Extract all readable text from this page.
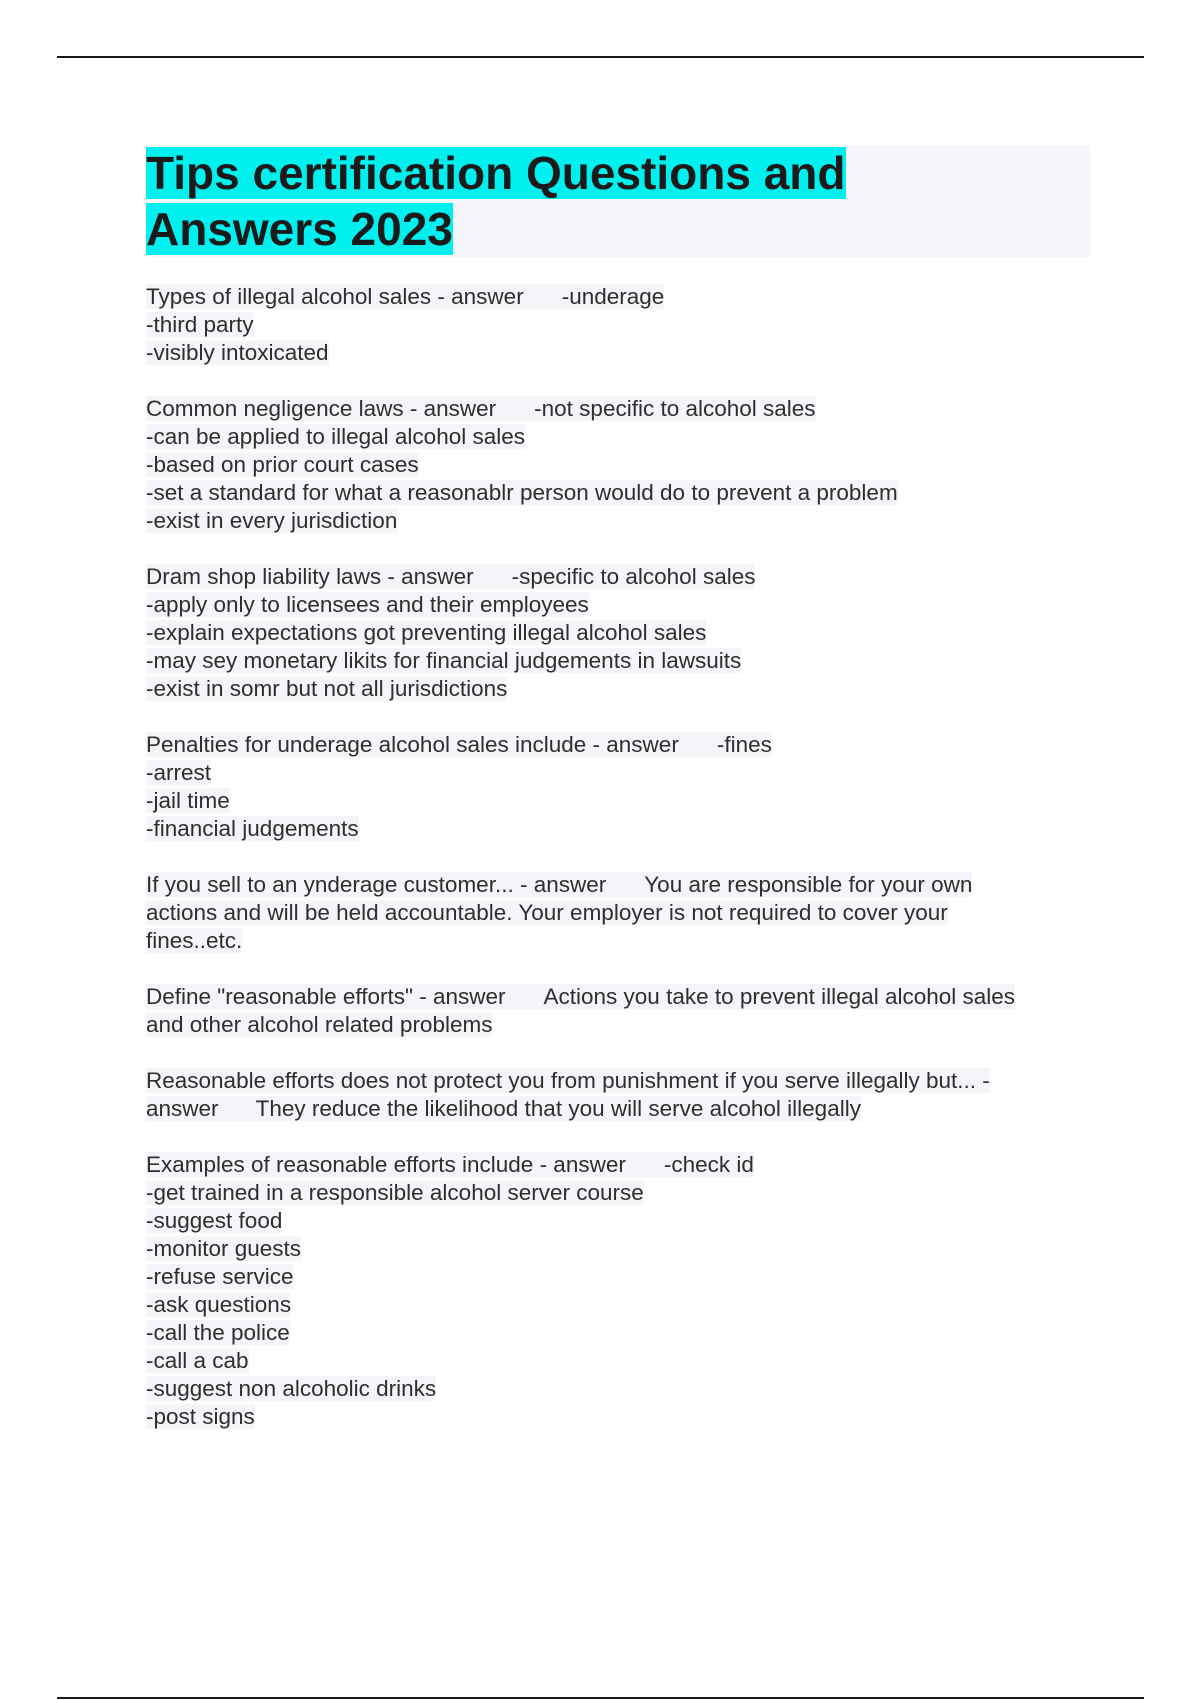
Tips certification Questions and
Answers 2023
Types of illegal alcohol sales - answer -underage
-third party
-visibly intoxicated
Common negligence laws - answer -not specific to alcohol sales
-can be applied to illegal alcohol sales
-based on prior court cases
-set a standard for what a reasonablr person would do to prevent a problem
-exist in every jurisdiction
Dram shop liability laws - answer -specific to alcohol sales
-apply only to licensees and their employees
-explain expectations got preventing illegal alcohol sales
-may sey monetary likits for financial judgements in lawsuits
-exist in somr but not all jurisdictions
Penalties for underage alcohol sales include - answer -fines
-arrest
-jail time
-financial judgements
If you sell to an ynderage customer... - answer You are responsible for your own
actions and will be held accountable. Your employer is not required to cover your
fines..etc.
Define "reasonable efforts" - answer Actions you take to prevent illegal alcohol sales
and other alcohol related problems
Reasonable efforts does not protect you from punishment if you serve illegally but... -
answer      They reduce the likelihood that you will serve alcohol illegally
Examples of reasonable efforts include - answer -check id
-get trained in a responsible alcohol server course
-suggest food
-monitor guests
-refuse service
-ask questions
-call the police
-call a cab
-suggest non alcoholic drinks
-post signs
